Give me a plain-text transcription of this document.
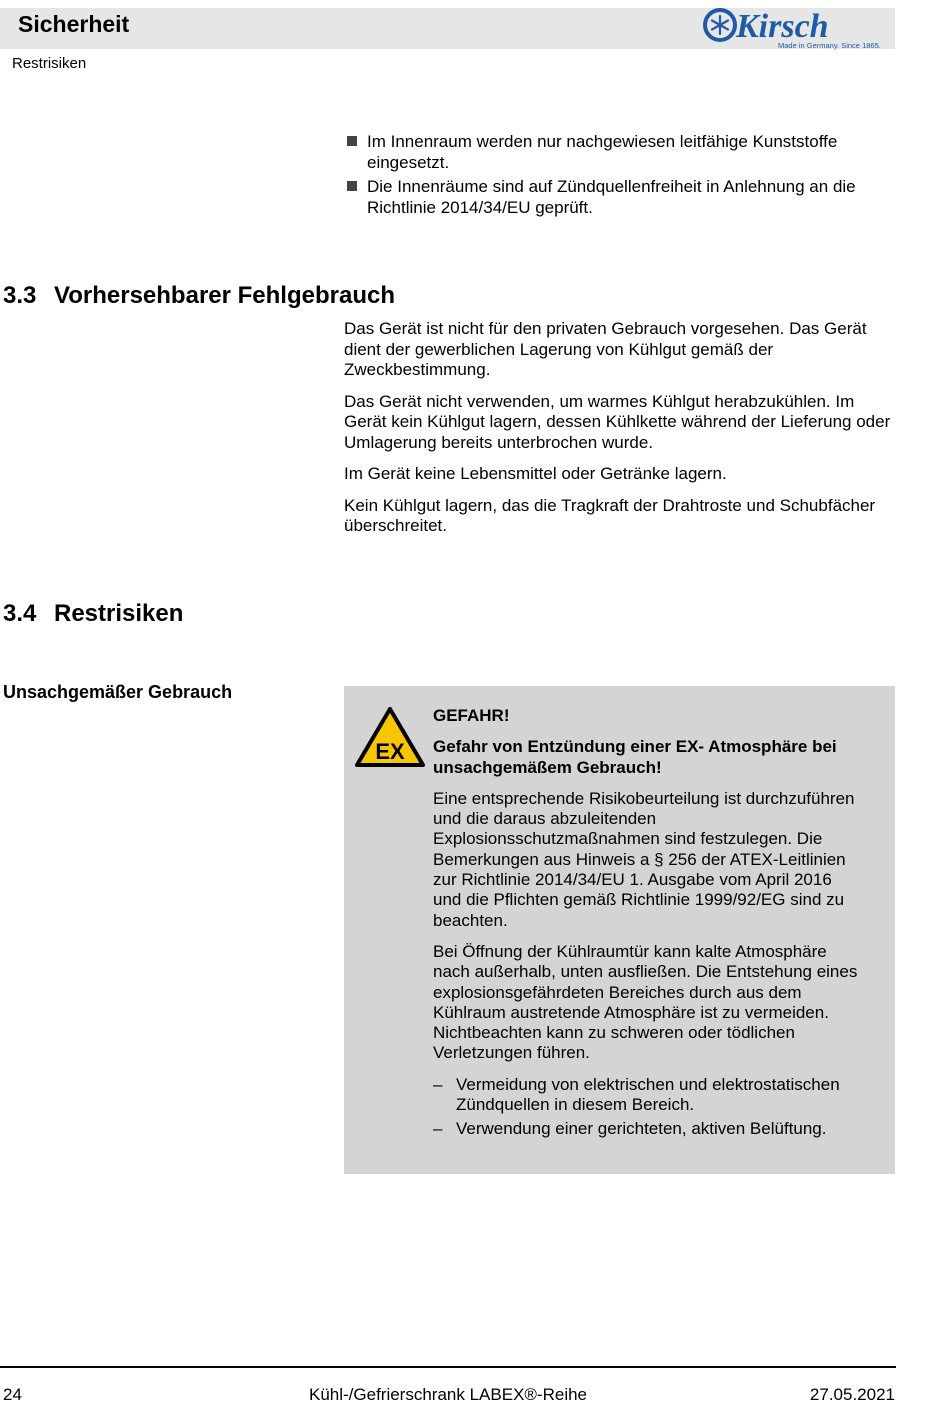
Sicherheit	Kirsch
Made in Germany. Since 1865.
Restrisiken
Im Innenraum werden nur nachgewiesen leitfähige Kunststoffe eingesetzt.
Die Innenräume sind auf Zündquellenfreiheit in Anlehnung an die Richtlinie 2014/34/EU geprüft.
3.3 Vorhersehbarer Fehlgebrauch

Das Gerät ist nicht für den privaten Gebrauch vorgesehen. Das Gerät dient der gewerblichen Lagerung von Kühlgut gemäß der Zweckbestimmung.

Das Gerät nicht verwenden, um warmes Kühlgut herabzukühlen. Im Gerät kein Kühlgut lagern, dessen Kühlkette während der Lieferung oder Umlagerung bereits unterbrochen wurde.

Im Gerät keine Lebensmittel oder Getränke lagern.

Kein Kühlgut lagern, das die Tragkraft der Drahtroste und Schubfächer überschreitet.

3.4 Restrisiken
Unsachgemäßer Gebrauch
EX

GEFAHR!

Gefahr von Entzündung einer EX- Atmosphäre bei unsachgemäßem Gebrauch!

Eine entsprechende Risikobeurteilung ist durchzuführen und die daraus abzuleitenden Explosionsschutzmaßnahmen sind festzulegen. Die Bemerkungen aus Hinweis a § 256 der ATEX-Leitlinien zur Richtlinie 2014/34/EU 1. Ausgabe vom April 2016 und die Pflichten gemäß Richtlinie 1999/92/EG sind zu beachten.

Bei Öffnung der Kühlraumtür kann kalte Atmosphäre nach außerhalb, unten ausfließen. Die Entstehung eines explosionsgefährdeten Bereiches durch aus dem Kühlraum austretende Atmosphäre ist zu vermeiden. Nichtbeachten kann zu schweren oder tödlichen Verletzungen führen.

– Vermeidung von elektrischen und elektrostatischen Zündquellen in diesem Bereich.
– Verwendung einer gerichteten, aktiven Belüftung.
24	Kühl-/Gefrierschrank LABEX®-Reihe	27.05.2021
